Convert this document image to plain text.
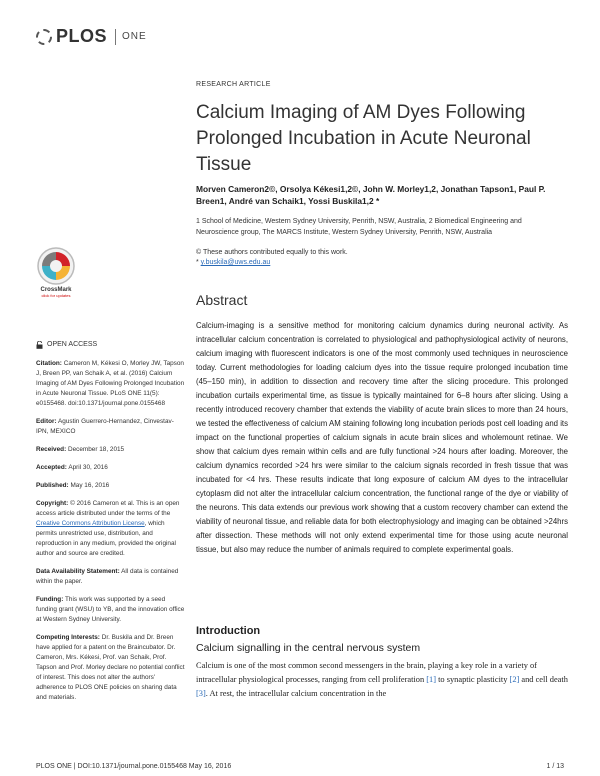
PLOS ONE
RESEARCH ARTICLE
Calcium Imaging of AM Dyes Following Prolonged Incubation in Acute Neuronal Tissue
Morven Cameron2©, Orsolya Kékesi1,2©, John W. Morley1,2, Jonathan Tapson1, Paul P. Breen1, André van Schaik1, Yossi Buskila1,2 *
1 School of Medicine, Western Sydney University, Penrith, NSW, Australia, 2 Biomedical Engineering and Neuroscience group, The MARCS Institute, Western Sydney University, Penrith, NSW, Australia
© These authors contributed equally to this work.
* y.buskila@uws.edu.au
CrossMark
click for updates	Abstract

Calcium-imaging is a sensitive method for monitoring calcium dynamics during neuronal activity. As intracellular calcium concentration is correlated to physiological and pathophysiological activity of neurons, calcium imaging with fluorescent indicators is one of the most commonly used techniques in neuroscience today. Current methodologies for loading calcium dyes into the tissue require prolonged incubation time (45–150 min), in addition to dissection and recovery time after the slicing procedure. This prolonged incubation curtails experimental time, as tissue is typically maintained for 6–8 hours after slicing. Using a recently introduced recovery chamber that extends the viability of acute brain slices to more than 24 hours, we tested the effectiveness of calcium AM staining following long incubation periods post cell loading and its impact on the functional properties of calcium signals in acute brain slices and wholemount retinae. We show that calcium dyes remain within cells and are fully functional >24 hours after loading. Moreover, the calcium dynamics recorded >24 hrs were similar to the calcium signals recorded in fresh tissue that was incubated for <4 hrs. These results indicate that long exposure of calcium AM dyes to the intracellular cytoplasm did not alter the intracellular calcium concentration, the functional range of the dye or viability of the neurons. This data extends our previous work showing that a custom recovery chamber can extend the viability of neuronal tissue, and reliable data for both electrophysiology and imaging can be obtained >24hrs after dissection. These methods will not only extend experimental time for those using acute neuronal tissue, but also may reduce the number of animals required to complete experimental goals.

OPEN ACCESS

Citation: Cameron M, Kékesi O, Morley JW, Tapson J, Breen PP, van Schaik A, et al. (2016) Calcium Imaging of AM Dyes Following Prolonged Incubation in Acute Neuronal Tissue. PLoS ONE 11(5): e0155468. doi:10.1371/journal.pone.0155468

Editor: Agustin Guerrero-Hernandez, Cinvestav-IPN, MEXICO

Received: December 18, 2015

Accepted: April 30, 2016

Published: May 16, 2016

Copyright: © 2016 Cameron et al. This is an open access article distributed under the terms of the Creative Commons Attribution License, which permits unrestricted use, distribution, and reproduction in any medium, provided the original author and source are credited.

Data Availability Statement: All data is contained within the paper.

Funding: This work was supported by a seed funding grant (WSU) to YB, and the innovation office at Western Sydney University.

Competing Interests: Dr. Buskila and Dr. Breen have applied for a patent on the Braincubator. Dr. Cameron, Mrs. Kékesi, Prof. van Schaik, Prof. Tapson and Prof. Morley declare no potential conflict of interest. This does not alter the authors' adherence to PLOS ONE policies on sharing data and materials.

Introduction
Calcium signalling in the central nervous system

Calcium is one of the most common second messengers in the brain, playing a key role in a variety of intracellular physiological processes, ranging from cell proliferation [1] to synaptic plasticity [2] and cell death [3]. At rest, the intracellular calcium concentration in the

PLOS ONE | DOI:10.1371/journal.pone.0155468 May 16, 2016	1 / 13
